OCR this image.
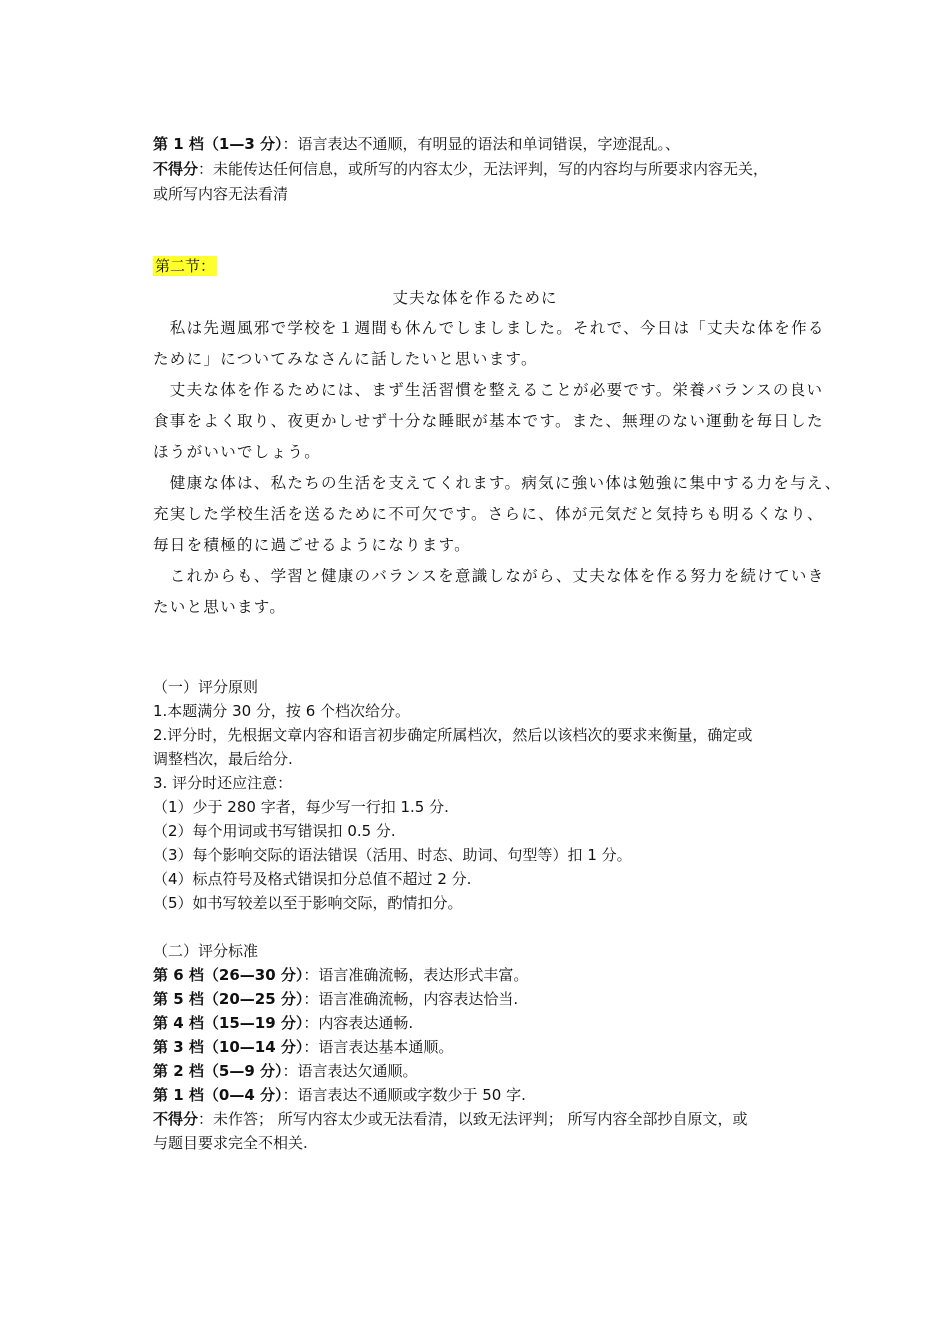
第 1 档（1—3 分）：语言表达不通顺，有明显的语法和单词错误，字迹混乱。、
不得分：未能传达任何信息，或所写的内容太少，无法评判，写的内容均与所要求内容无关，
或所写内容无法看清
第二节：
丈夫な体を作るために
　私は先週風邪で学校を１週間も休んでしましました。それで、今日は「丈夫な体を作る
ために」についてみなさんに話したいと思います。
　丈夫な体を作るためには、まず生活習慣を整えることが必要です。栄養バランスの良い
食事をよく取り、夜更かしせず十分な睡眠が基本です。また、無理のない運動を毎日した
ほうがいいでしょう。
　健康な体は、私たちの生活を支えてくれます。病気に強い体は勉強に集中する力を与え、
充実した学校生活を送るために不可欠です。さらに、体が元気だと気持ちも明るくなり、
毎日を積極的に過ごせるようになります。
　これからも、学習と健康のバランスを意識しながら、丈夫な体を作る努力を続けていき
たいと思います。
（一）评分原则
1.本题满分 30 分，按 6 个档次给分。
2.评分时，先根据文章内容和语言初步确定所属档次，然后以该档次的要求来衡量，确定或
调整档次，最后给分.
3. 评分时还应注意：
（1）少于 280 字者，每少写一行扣 1.5 分.
（2）每个用词或书写错误扣 0.5 分.
（3）每个影响交际的语法错误（活用、时态、助词、句型等）扣 1 分。
（4）标点符号及格式错误扣分总值不超过 2 分.
（5）如书写较差以至于影响交际，酌情扣分。
（二）评分标准
第 6 档（26—30 分）：语言准确流畅，表达形式丰富。
第 5 档（20—25 分）：语言准确流畅，内容表达恰当.
第 4 档（15—19 分）：内容表达通畅.
第 3 档（10—14 分）：语言表达基本通顺。
第 2 档（5—9 分）：语言表达欠通顺。
第 1 档（0—4 分）：语言表达不通顺或字数少于 50 字.
不得分：未作答； 所写内容太少或无法看清，以致无法评判； 所写内容全部抄自原文，或
与题目要求完全不相关.
